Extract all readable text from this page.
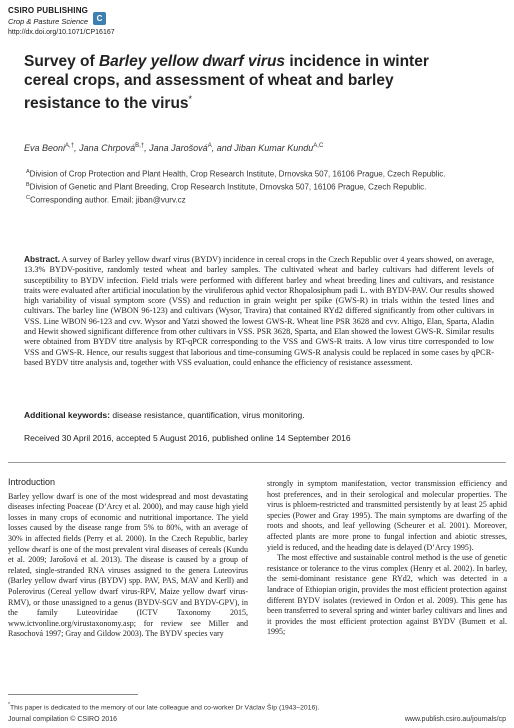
CSIRO PUBLISHING
Crop & Pasture Science
http://dx.doi.org/10.1071/CP16167
C
Survey of Barley yellow dwarf virus incidence in winter cereal crops, and assessment of wheat and barley resistance to the virus*
Eva Beoni$^{A,\dagger}$, Jana Chrpová$^{B,\dagger}$, Jana Jarošová$^A$, and Jiban Kumar Kundu$^{A,C}$
$^A$Division of Crop Protection and Plant Health, Crop Research Institute, Drnovska 507, 16106 Prague, Czech Republic.
$^B$Division of Genetic and Plant Breeding, Crop Research Institute, Drnovska 507, 16106 Prague, Czech Republic.
$^C$Corresponding author. Email: jiban@vurv.cz
Abstract. A survey of Barley yellow dwarf virus (BYDV) incidence in cereal crops in the Czech Republic over 4 years showed, on average, 13.3% BYDV-positive, randomly tested wheat and barley samples. The cultivated wheat and barley cultivars had different levels of susceptibility to BYDV infection. Field trials were performed with different barley and wheat breeding lines and cultivars, and resistance traits were evaluated after artificial inoculation by the viruliferous aphid vector Rhopalosiphum padi L. with BYDV-PAV. Our results showed high variability of visual symptom score (VSS) and reduction in grain weight per spike (GWS-R) in trials within the tested lines and cultivars. The barley line (WBON 96-123) and cultivars (Wysor, Travira) that contained RYd2 differed significantly from other cultivars in VSS. Line WBON 96-123 and cvv. Wysor and Yatzi showed the lowest GWS-R. Wheat line PSR 3628 and cvv. Altigo, Elan, Sparta, Aladin and Hewit showed significant difference from other cultivars in VSS. PSR 3628, Sparta, and Elan showed the lowest GWS-R. Similar results were obtained from BYDV titre analysis by RT-qPCR corresponding to the VSS and GWS-R traits. A low virus titre corresponded to low VSS and GWS-R. Hence, our results suggest that laborious and time-consuming GWS-R analysis could be replaced in some cases by qPCR-based BYDV titre analysis and, together with VSS evaluation, could enhance the efficiency of resistance assessment.
Additional keywords: disease resistance, quantification, virus monitoring.
Received 30 April 2016, accepted 5 August 2016, published online 14 September 2016
Introduction

Barley yellow dwarf is one of the most widespread and most devastating diseases infecting Poaceae (D’Arcy et al. 2000), and may cause high yield losses in many crops of economic and nutritional importance. The yield losses caused by the disease range from 5% to 80%, with an average of 30% in affected fields (Perry et al. 2000). In the Czech Republic, barley yellow dwarf is one of the most prevalent viral diseases of cereals (Kundu et al. 2009; Jarošová et al. 2013). The disease is caused by a group of related, single-stranded RNA viruses assigned to the genera Luteovirus (Barley yellow dwarf virus (BYDV) spp. PAV, PAS, MAV and Kerll) and Polerovirus (Cereal yellow dwarf virus-RPV, Maize yellow dwarf virus-RMV), or those unassigned to a genus (BYDV-SGV and BYDV-GPV), in the family Luteoviridae (ICTV Taxonomy 2015, www.ictvonline.org/virustaxonomy.asp; for review see Miller and Rasochová 1997; Gray and Gildow 2003). The BYDV species vary

strongly in symptom manifestation, vector transmission efficiency and host preferences, and in their serological and molecular properties. The virus is phloem-restricted and transmitted persistently by at least 25 aphid species (Power and Gray 1995). The main symptoms are dwarfing of the roots and shoots, and leaf yellowing (Scheurer et al. 2001). Moreover, affected plants are more prone to fungal infection and abiotic stresses, yield is reduced, and the heading date is delayed (D’Arcy 1995).

The most effective and sustainable control method is the use of genetic resistance or tolerance to the virus complex (Henry et al. 2002). In barley, the semi-dominant resistance gene RYd2, which was detected in a landrace of Ethiopian origin, provides the most efficient protection against different BYDV isolates (reviewed in Ordon et al. 2009). This gene has been transferred to several spring and winter barley cultivars and lines and it provides the most efficient protection against BYDV (Burnett et al. 1995;

*This paper is dedicated to the memory of our late colleague and co-worker Dr Václav Šíp (1943–2016).
Journal compilation © CSIRO 2016	www.publish.csiro.au/journals/cp
